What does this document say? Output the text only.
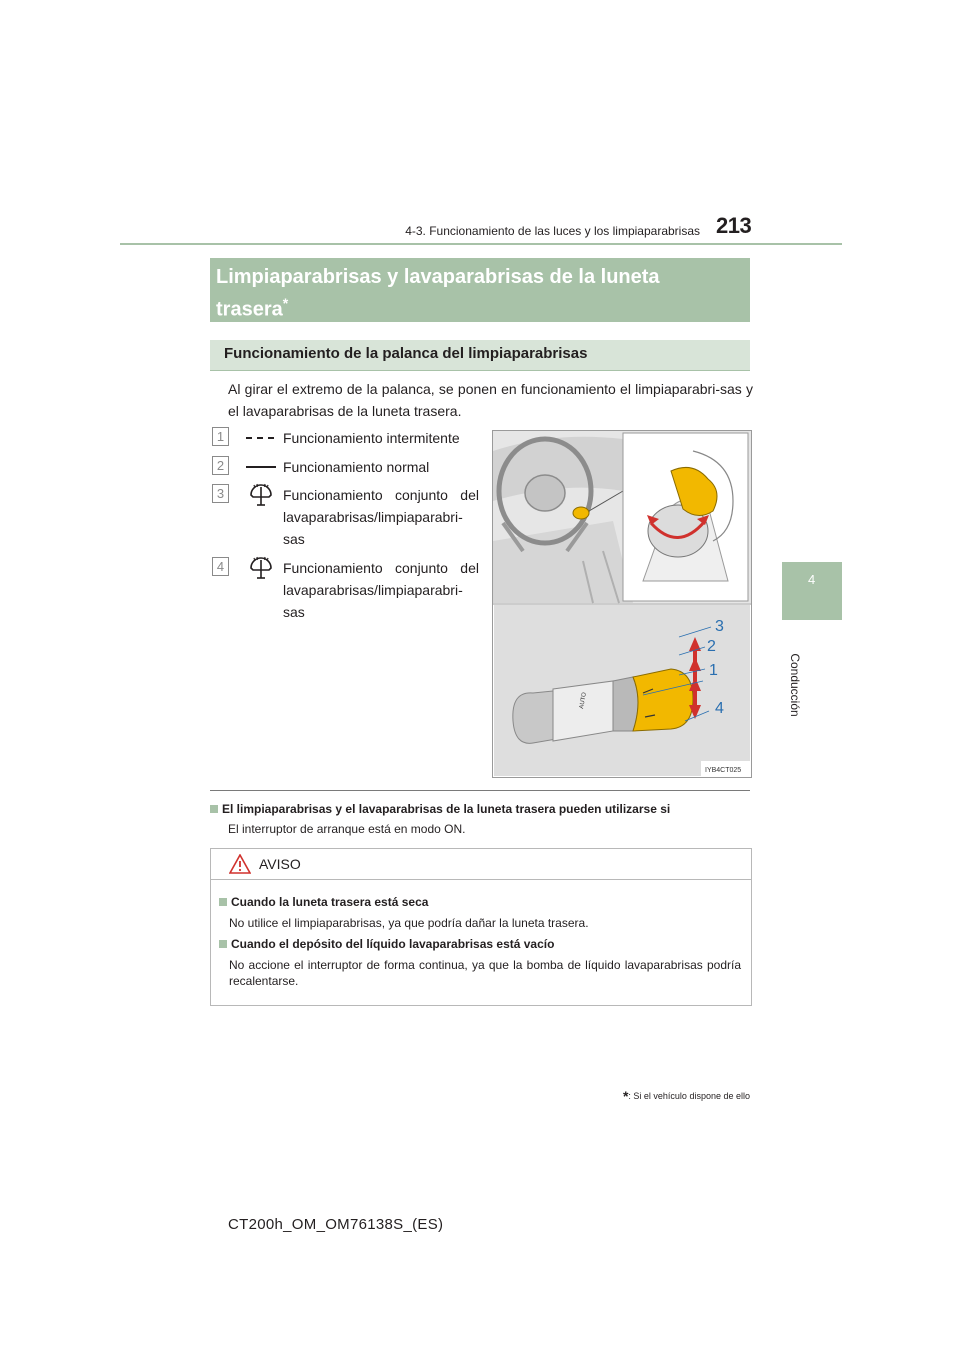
4-3. Funcionamiento de las luces y los limpiaparabrisas 213
4
Conducción
Limpiaparabrisas y lavaparabrisas de la luneta trasera*
Funcionamiento de la palanca del limpiaparabrisas
Al girar el extremo de la palanca, se ponen en funcionamiento el limpiaparabri-sas y el lavaparabrisas de la luneta trasera.
1	Funcionamiento intermitente
2	Funcionamiento normal
3	Funcionamiento conjunto del lavaparabrisas/limpiaparabri-sas
4	Funcionamiento conjunto del lavaparabrisas/limpiaparabri-sas
AUTO
3
2
1
4
IYB4CT025
El limpiaparabrisas y el lavaparabrisas de la luneta trasera pueden utilizarse si
El interruptor de arranque está en modo ON.
AVISO
Cuando la luneta trasera está seca
No utilice el limpiaparabrisas, ya que podría dañar la luneta trasera.
Cuando el depósito del líquido lavaparabrisas está vacío
No accione el interruptor de forma continua, ya que la bomba de líquido lavaparabrisas podría recalentarse.
*: Si el vehículo dispone de ello
CT200h_OM_OM76138S_(ES)
